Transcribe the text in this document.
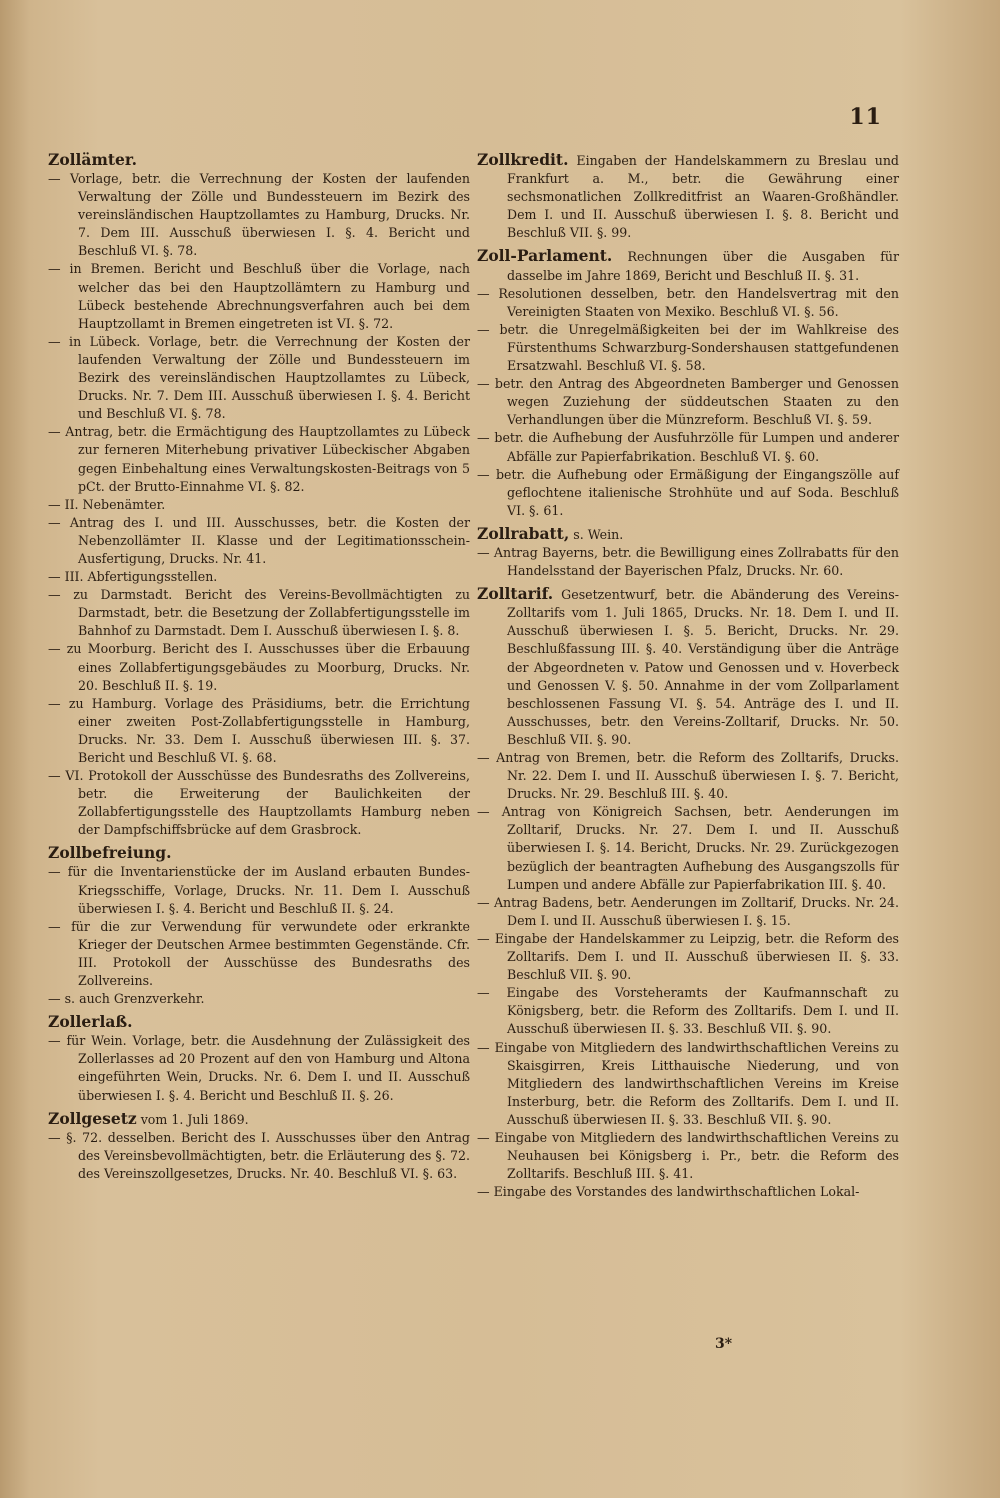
11
Zollämter.
— Vorlage, betr. die Verrechnung der Kosten der laufenden Verwaltung der Zölle und Bundessteuern im Bezirk des vereinsländischen Hauptzollamtes zu Hamburg, Drucks. Nr. 7. Dem III. Ausschuß überwiesen I. §. 4. Bericht und Beschluß VI. §. 78.
— in Bremen. Bericht und Beschluß über die Vorlage, nach welcher das bei den Hauptzollämtern zu Hamburg und Lübeck bestehende Abrechnungsverfahren auch bei dem Hauptzollamt in Bremen eingetreten ist VI. §. 72.
— in Lübeck. Vorlage, betr. die Verrechnung der Kosten der laufenden Verwaltung der Zölle und Bundessteuern im Bezirk des vereinsländischen Hauptzollamtes zu Lübeck, Drucks. Nr. 7. Dem III. Ausschuß überwiesen I. §. 4. Bericht und Beschluß VI. §. 78.
— Antrag, betr. die Ermächtigung des Hauptzollamtes zu Lübeck zur ferneren Miterhebung privativer Lübeckischer Abgaben gegen Einbehaltung eines Verwaltungskosten-Beitrags von 5 pCt. der Brutto-Einnahme VI. §. 82.
— II. Nebenämter.
— Antrag des I. und III. Ausschusses, betr. die Kosten der Nebenzollämter II. Klasse und der Legitimationsschein-Ausfertigung, Drucks. Nr. 41.
— III. Abfertigungsstellen.
— zu Darmstadt. Bericht des Vereins-Bevollmächtigten zu Darmstadt, betr. die Besetzung der Zollabfertigungsstelle im Bahnhof zu Darmstadt. Dem I. Ausschuß überwiesen I. §. 8.
— zu Moorburg. Bericht des I. Ausschusses über die Erbauung eines Zollabfertigungsgebäudes zu Moorburg, Drucks. Nr. 20. Beschluß II. §. 19.
— zu Hamburg. Vorlage des Präsidiums, betr. die Errichtung einer zweiten Post-Zollabfertigungsstelle in Hamburg, Drucks. Nr. 33. Dem I. Ausschuß überwiesen III. §. 37. Bericht und Beschluß VI. §. 68.
— VI. Protokoll der Ausschüsse des Bundesraths des Zollvereins, betr. die Erweiterung der Baulichkeiten der Zollabfertigungsstelle des Hauptzollamts Hamburg neben der Dampfschiffsbrücke auf dem Grasbrock.
Zollbefreiung.
— für die Inventarienstücke der im Ausland erbauten Bundes-Kriegsschiffe, Vorlage, Drucks. Nr. 11. Dem I. Ausschuß überwiesen I. §. 4. Bericht und Beschluß II. §. 24.
— für die zur Verwendung für verwundete oder erkrankte Krieger der Deutschen Armee bestimmten Gegenstände. Cfr. III. Protokoll der Ausschüsse des Bundesraths des Zollvereins.
— s. auch Grenzverkehr.
Zollerlaß.
— für Wein. Vorlage, betr. die Ausdehnung der Zulässigkeit des Zollerlasses ad 20 Prozent auf den von Hamburg und Altona eingeführten Wein, Drucks. Nr. 6. Dem I. und II. Ausschuß überwiesen I. §. 4. Bericht und Beschluß II. §. 26.
Zollgesetz vom 1. Juli 1869.
— §. 72. desselben. Bericht des I. Ausschusses über den Antrag des Vereinsbevollmächtigten, betr. die Erläuterung des §. 72. des Vereinszollgesetzes, Drucks. Nr. 40. Beschluß VI. §. 63.
Zollkredit. Eingaben der Handelskammern zu Breslau und Frankfurt a. M., betr. die Gewährung einer sechsmonatlichen Zollkreditfrist an Waaren-Großhändler. Dem I. und II. Ausschuß überwiesen I. §. 8. Bericht und Beschluß VII. §. 99.
Zoll-Parlament. Rechnungen über die Ausgaben für dasselbe im Jahre 1869, Bericht und Beschluß II. §. 31.
— Resolutionen desselben, betr. den Handelsvertrag mit den Vereinigten Staaten von Mexiko. Beschluß VI. §. 56.
— betr. die Unregelmäßigkeiten bei der im Wahlkreise des Fürstenthums Schwarzburg-Sondershausen stattgefundenen Ersatzwahl. Beschluß VI. §. 58.
— betr. den Antrag des Abgeordneten Bamberger und Genossen wegen Zuziehung der süddeutschen Staaten zu den Verhandlungen über die Münzreform. Beschluß VI. §. 59.
— betr. die Aufhebung der Ausfuhrzölle für Lumpen und anderer Abfälle zur Papierfabrikation. Beschluß VI. §. 60.
— betr. die Aufhebung oder Ermäßigung der Eingangszölle auf geflochtene italienische Strohhüte und auf Soda. Beschluß VI. §. 61.
Zollrabatt, s. Wein.
— Antrag Bayerns, betr. die Bewilligung eines Zollrabatts für den Handelsstand der Bayerischen Pfalz, Drucks. Nr. 60.
Zolltarif. Gesetzentwurf, betr. die Abänderung des Vereins-Zolltarifs vom 1. Juli 1865, Drucks. Nr. 18. Dem I. und II. Ausschuß überwiesen I. §. 5. Bericht, Drucks. Nr. 29. Beschlußfassung III. §. 40. Verständigung über die Anträge der Abgeordneten v. Patow und Genossen und v. Hoverbeck und Genossen V. §. 50. Annahme in der vom Zollparlament beschlossenen Fassung VI. §. 54. Anträge des I. und II. Ausschusses, betr. den Vereins-Zolltarif, Drucks. Nr. 50. Beschluß VII. §. 90.
— Antrag von Bremen, betr. die Reform des Zolltarifs, Drucks. Nr. 22. Dem I. und II. Ausschuß überwiesen I. §. 7. Bericht, Drucks. Nr. 29. Beschluß III. §. 40.
— Antrag von Königreich Sachsen, betr. Aenderungen im Zolltarif, Drucks. Nr. 27. Dem I. und II. Ausschuß überwiesen I. §. 14. Bericht, Drucks. Nr. 29. Zurückgezogen bezüglich der beantragten Aufhebung des Ausgangszolls für Lumpen und andere Abfälle zur Papierfabrikation III. §. 40.
— Antrag Badens, betr. Aenderungen im Zolltarif, Drucks. Nr. 24. Dem I. und II. Ausschuß überwiesen I. §. 15.
— Eingabe der Handelskammer zu Leipzig, betr. die Reform des Zolltarifs. Dem I. und II. Ausschuß überwiesen II. §. 33. Beschluß VII. §. 90.
— Eingabe des Vorsteheramts der Kaufmannschaft zu Königsberg, betr. die Reform des Zolltarifs. Dem I. und II. Ausschuß überwiesen II. §. 33. Beschluß VII. §. 90.
— Eingabe von Mitgliedern des landwirthschaftlichen Vereins zu Skaisgirren, Kreis Litthauische Niederung, und von Mitgliedern des landwirthschaftlichen Vereins im Kreise Insterburg, betr. die Reform des Zolltarifs. Dem I. und II. Ausschuß überwiesen II. §. 33. Beschluß VII. §. 90.
— Eingabe von Mitgliedern des landwirthschaftlichen Vereins zu Neuhausen bei Königsberg i. Pr., betr. die Reform des Zolltarifs. Beschluß III. §. 41.
— Eingabe des Vorstandes des landwirthschaftlichen Lokal-
3*
